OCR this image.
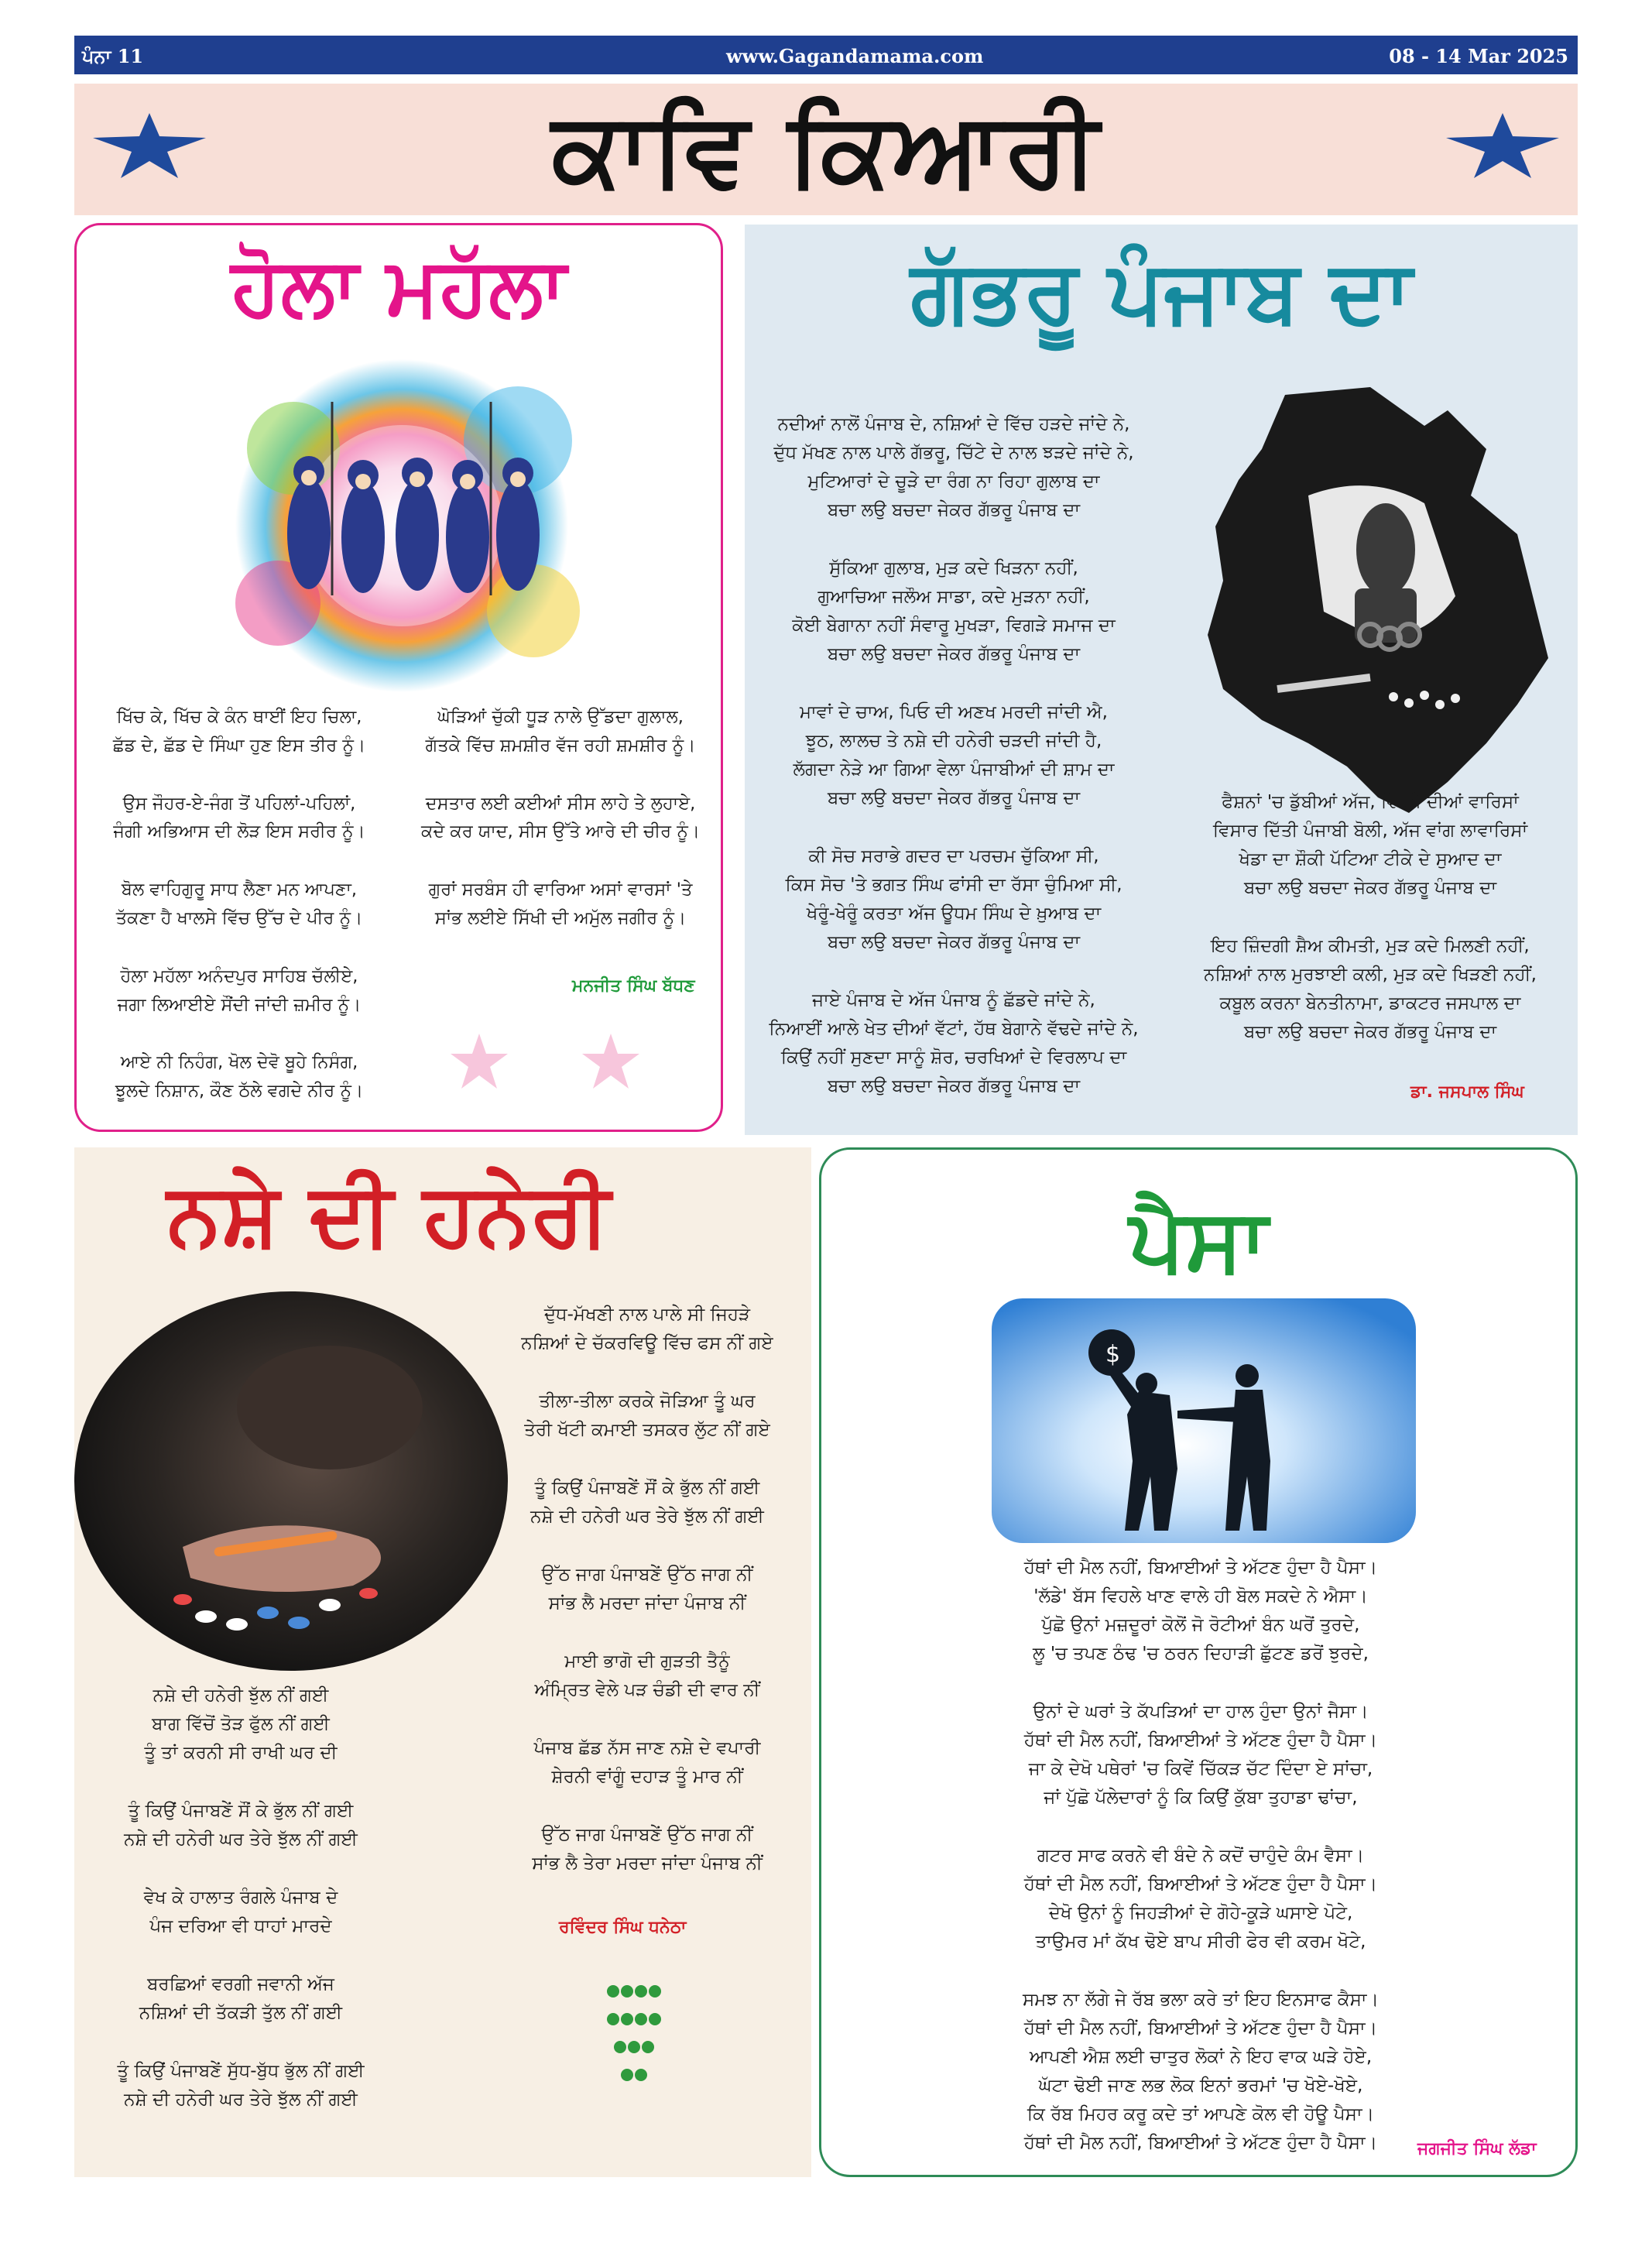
ਪੰਨਾ 11	www.Gagandamama.com	08 - 14 Mar 2025
ਕਾਵਿ ਕਿਆਰੀ
ਹੋਲਾ ਮਹੱਲਾ
ਖਿੱਚ ਕੇ, ਖਿੱਚ ਕੇ ਕੰਨ ਥਾਈਂ ਇਹ ਚਿਲਾ,
ਛੱਡ ਦੇ, ਛੱਡ ਦੇ ਸਿੰਘਾ ਹੁਣ ਇਸ ਤੀਰ ਨੂੰ।
ਉਸ ਜੌਹਰ-ਏ-ਜੰਗ ਤੋਂ ਪਹਿਲਾਂ-ਪਹਿਲਾਂ,
ਜੰਗੀ ਅਭਿਆਸ ਦੀ ਲੋੜ ਇਸ ਸਰੀਰ ਨੂੰ।
ਬੋਲ ਵਾਹਿਗੁਰੂ ਸਾਧ ਲੈਣਾ ਮਨ ਆਪਣਾ,
ਤੱਕਣਾ ਹੈ ਖਾਲਸੇ ਵਿੱਚ ਉੱਚ ਦੇ ਪੀਰ ਨੂੰ।
ਹੋਲਾ ਮਹੱਲਾ ਅਨੰਦਪੁਰ ਸਾਹਿਬ ਚੱਲੀਏ,
ਜਗਾ ਲਿਆਈਏ ਸੌਂਦੀ ਜਾਂਦੀ ਜ਼ਮੀਰ ਨੂੰ।
ਆਏ ਨੀ ਨਿਹੰਗ, ਖੋਲ ਦੇਵੋ ਬੂਹੇ ਨਿਸੰਗ,
ਝੂਲਦੇ ਨਿਸ਼ਾਨ, ਕੌਣ ਠੱਲੇ ਵਗਦੇ ਨੀਰ ਨੂੰ।
ਘੋੜਿਆਂ ਚੁੱਕੀ ਧੂੜ ਨਾਲੇ ਉੱਡਦਾ ਗੁਲਾਲ,
ਗੱਤਕੇ ਵਿੱਚ ਸ਼ਮਸ਼ੀਰ ਵੱਜ ਰਹੀ ਸ਼ਮਸ਼ੀਰ ਨੂੰ।
ਦਸਤਾਰ ਲਈ ਕਈਆਂ ਸੀਸ ਲਾਹੇ ਤੇ ਲੁਹਾਏ,
ਕਦੇ ਕਰ ਯਾਦ, ਸੀਸ ਉੱਤੇ ਆਰੇ ਦੀ ਚੀਰ ਨੂੰ।
ਗੁਰਾਂ ਸਰਬੰਸ ਹੀ ਵਾਰਿਆ ਅਸਾਂ ਵਾਰਸਾਂ 'ਤੇ
ਸਾਂਭ ਲਈਏ ਸਿੱਖੀ ਦੀ ਅਮੁੱਲ ਜਗੀਰ ਨੂੰ।
ਮਨਜੀਤ ਸਿੰਘ ਬੱਧਣ
ਗੱਭਰੂ ਪੰਜਾਬ ਦਾ
ਨਦੀਆਂ ਨਾਲੋਂ ਪੰਜਾਬ ਦੇ, ਨਸ਼ਿਆਂ ਦੇ ਵਿੱਚ ਹੜਦੇ ਜਾਂਦੇ ਨੇ,
ਦੁੱਧ ਮੱਖਣ ਨਾਲ ਪਾਲੇ ਗੱਭਰੂ, ਚਿੱਟੇ ਦੇ ਨਾਲ ਝੜਦੇ ਜਾਂਦੇ ਨੇ,
ਮੁਟਿਆਰਾਂ ਦੇ ਚੂੜੇ ਦਾ ਰੰਗ ਨਾ ਰਿਹਾ ਗੁਲਾਬ ਦਾ
ਬਚਾ ਲਉ ਬਚਦਾ ਜੇਕਰ ਗੱਭਰੂ ਪੰਜਾਬ ਦਾ
ਸੁੱਕਿਆ ਗੁਲਾਬ, ਮੁੜ ਕਦੇ ਖਿੜਨਾ ਨਹੀਂ,
ਗੁਆਚਿਆ ਜਲੌਅ ਸਾਡਾ, ਕਦੇ ਮੁੜਨਾ ਨਹੀਂ,
ਕੋਈ ਬੇਗਾਨਾ ਨਹੀਂ ਸੰਵਾਰੂ ਮੁਖੜਾ, ਵਿਗੜੇ ਸਮਾਜ ਦਾ
ਬਚਾ ਲਉ ਬਚਦਾ ਜੇਕਰ ਗੱਭਰੂ ਪੰਜਾਬ ਦਾ
ਮਾਵਾਂ ਦੇ ਚਾਅ, ਪਿਓ ਦੀ ਅਣਖ ਮਰਦੀ ਜਾਂਦੀ ਐ,
ਝੂਠ, ਲਾਲਚ ਤੇ ਨਸ਼ੇ ਦੀ ਹਨੇਰੀ ਚੜਦੀ ਜਾਂਦੀ ਹੈ,
ਲੱਗਦਾ ਨੇੜੇ ਆ ਗਿਆ ਵੇਲਾ ਪੰਜਾਬੀਆਂ ਦੀ ਸ਼ਾਮ ਦਾ
ਬਚਾ ਲਉ ਬਚਦਾ ਜੇਕਰ ਗੱਭਰੂ ਪੰਜਾਬ ਦਾ
ਕੀ ਸੋਚ ਸਰਾਭੇ ਗਦਰ ਦਾ ਪਰਚਮ ਚੁੱਕਿਆ ਸੀ,
ਕਿਸ ਸੋਚ 'ਤੇ ਭਗਤ ਸਿੰਘ ਫਾਂਸੀ ਦਾ ਰੱਸਾ ਚੁੰਮਿਆ ਸੀ,
ਖੇਰੂੰ-ਖੇਰੂੰ ਕਰਤਾ ਅੱਜ ਊਧਮ ਸਿੰਘ ਦੇ ਖ਼ੁਆਬ ਦਾ
ਬਚਾ ਲਉ ਬਚਦਾ ਜੇਕਰ ਗੱਭਰੂ ਪੰਜਾਬ ਦਾ
ਜਾਏ ਪੰਜਾਬ ਦੇ ਅੱਜ ਪੰਜਾਬ ਨੂੰ ਛੱਡਦੇ ਜਾਂਦੇ ਨੇ,
ਨਿਆਈਂ ਆਲੇ ਖੇਤ ਦੀਆਂ ਵੱਟਾਂ, ਹੱਥ ਬੇਗਾਨੇ ਵੱਢਦੇ ਜਾਂਦੇ ਨੇ,
ਕਿਉਂ ਨਹੀਂ ਸੁਣਦਾ ਸਾਨੂੰ ਸ਼ੋਰ, ਚਰਖਿਆਂ ਦੇ ਵਿਰਲਾਪ ਦਾ
ਬਚਾ ਲਉ ਬਚਦਾ ਜੇਕਰ ਗੱਭਰੂ ਪੰਜਾਬ ਦਾ
ਫੈਸ਼ਨਾਂ 'ਚ ਡੁੱਬੀਆਂ ਅੱਜ, ਵਿਰਸੇ ਦੀਆਂ ਵਾਰਿਸਾਂ
ਵਿਸਾਰ ਦਿੱਤੀ ਪੰਜਾਬੀ ਬੋਲੀ, ਅੱਜ ਵਾਂਗ ਲਾਵਾਰਿਸਾਂ
ਖੇਡਾ ਦਾ ਸ਼ੌਕੀ ਪੱਟਿਆ ਟੀਕੇ ਦੇ ਸੁਆਦ ਦਾ
ਬਚਾ ਲਉ ਬਚਦਾ ਜੇਕਰ ਗੱਭਰੂ ਪੰਜਾਬ ਦਾ
ਇਹ ਜ਼ਿੰਦਗੀ ਸ਼ੈਅ ਕੀਮਤੀ, ਮੁੜ ਕਦੇ ਮਿਲਣੀ ਨਹੀਂ,
ਨਸ਼ਿਆਂ ਨਾਲ ਮੁਰਝਾਈ ਕਲੀ, ਮੁੜ ਕਦੇ ਖਿੜਣੀ ਨਹੀਂ,
ਕਬੂਲ ਕਰਨਾ ਬੇਨਤੀਨਾਮਾ, ਡਾਕਟਰ ਜਸਪਾਲ ਦਾ
ਬਚਾ ਲਉ ਬਚਦਾ ਜੇਕਰ ਗੱਭਰੂ ਪੰਜਾਬ ਦਾ
ਡਾ. ਜਸਪਾਲ ਸਿੰਘ
ਨਸ਼ੇ ਦੀ ਹਨੇਰੀ
ਨਸ਼ੇ ਦੀ ਹਨੇਰੀ ਝੁੱਲ ਨੀਂ ਗਈ
ਬਾਗ ਵਿੱਚੋਂ ਤੋੜ ਫੁੱਲ ਨੀਂ ਗਈ
ਤੂੰ ਤਾਂ ਕਰਨੀ ਸੀ ਰਾਖੀ ਘਰ ਦੀ
ਤੂੰ ਕਿਉਂ ਪੰਜਾਬਣੇਂ ਸੌਂ ਕੇ ਭੁੱਲ ਨੀਂ ਗਈ
ਨਸ਼ੇ ਦੀ ਹਨੇਰੀ ਘਰ ਤੇਰੇ ਝੁੱਲ ਨੀਂ ਗਈ
ਵੇਖ ਕੇ ਹਾਲਾਤ ਰੰਗਲੇ ਪੰਜਾਬ ਦੇ
ਪੰਜ ਦਰਿਆ ਵੀ ਧਾਹਾਂ ਮਾਰਦੇ
ਬਰਛਿਆਂ ਵਰਗੀ ਜਵਾਨੀ ਅੱਜ
ਨਸ਼ਿਆਂ ਦੀ ਤੱਕੜੀ ਤੁੱਲ ਨੀਂ ਗਈ
ਤੂੰ ਕਿਉਂ ਪੰਜਾਬਣੇਂ ਸੁੱਧ-ਬੁੱਧ ਭੁੱਲ ਨੀਂ ਗਈ
ਨਸ਼ੇ ਦੀ ਹਨੇਰੀ ਘਰ ਤੇਰੇ ਝੁੱਲ ਨੀਂ ਗਈ
ਦੁੱਧ-ਮੱਖਣੀ ਨਾਲ ਪਾਲੇ ਸੀ ਜਿਹੜੇ
ਨਸ਼ਿਆਂ ਦੇ ਚੱਕਰਵਿਊ ਵਿੱਚ ਫਸ ਨੀਂ ਗਏ
ਤੀਲਾ-ਤੀਲਾ ਕਰਕੇ ਜੋੜਿਆ ਤੂੰ ਘਰ
ਤੇਰੀ ਖੱਟੀ ਕਮਾਈ ਤਸਕਰ ਲੁੱਟ ਨੀਂ ਗਏ
ਤੂੰ ਕਿਉਂ ਪੰਜਾਬਣੇਂ ਸੌਂ ਕੇ ਭੁੱਲ ਨੀਂ ਗਈ
ਨਸ਼ੇ ਦੀ ਹਨੇਰੀ ਘਰ ਤੇਰੇ ਝੁੱਲ ਨੀਂ ਗਈ
ਉੱਠ ਜਾਗ ਪੰਜਾਬਣੇਂ ਉੱਠ ਜਾਗ ਨੀਂ
ਸਾਂਭ ਲੈ ਮਰਦਾ ਜਾਂਦਾ ਪੰਜਾਬ ਨੀਂ
ਮਾਈ ਭਾਗੋ ਦੀ ਗੁੜਤੀ ਤੈਨੂੰ
ਅੰਮ੍ਰਿਤ ਵੇਲੇ ਪੜ ਚੰਡੀ ਦੀ ਵਾਰ ਨੀਂ
ਪੰਜਾਬ ਛੱਡ ਨੱਸ ਜਾਣ ਨਸ਼ੇ ਦੇ ਵਪਾਰੀ
ਸ਼ੇਰਨੀ ਵਾਂਗੂੰ ਦਹਾੜ ਤੂੰ ਮਾਰ ਨੀਂ
ਉੱਠ ਜਾਗ ਪੰਜਾਬਣੇਂ ਉੱਠ ਜਾਗ ਨੀਂ
ਸਾਂਭ ਲੈ ਤੇਰਾ ਮਰਦਾ ਜਾਂਦਾ ਪੰਜਾਬ ਨੀਂ
ਰਵਿੰਦਰ ਸਿੰਘ ਧਨੇਠਾ
ਪੈਸਾ
$
ਹੱਥਾਂ ਦੀ ਮੈਲ ਨਹੀਂ, ਬਿਆਈਆਂ ਤੇ ਅੱਟਣ ਹੁੰਦਾ ਹੈ ਪੈਸਾ।
'ਲੱਡੇ' ਬੱਸ ਵਿਹਲੇ ਖਾਣ ਵਾਲੇ ਹੀ ਬੋਲ ਸਕਦੇ ਨੇ ਐਸਾ।
ਪੁੱਛੋ ਉਨਾਂ ਮਜ਼ਦੂਰਾਂ ਕੋਲੋਂ ਜੋ ਰੋਟੀਆਂ ਬੰਨ ਘਰੋਂ ਤੁਰਦੇ,
ਲੂ 'ਚ ਤਪਣ ਠੰਢ 'ਚ ਠਰਨ ਦਿਹਾੜੀ ਛੁੱਟਣ ਡਰੋਂ ਝੁਰਦੇ,
ਉਨਾਂ ਦੇ ਘਰਾਂ ਤੇ ਕੱਪੜਿਆਂ ਦਾ ਹਾਲ ਹੁੰਦਾ ਉਨਾਂ ਜੈਸਾ।
ਹੱਥਾਂ ਦੀ ਮੈਲ ਨਹੀਂ, ਬਿਆਈਆਂ ਤੇ ਅੱਟਣ ਹੁੰਦਾ ਹੈ ਪੈਸਾ।
ਜਾ ਕੇ ਦੇਖੋ ਪਥੇਰਾਂ 'ਚ ਕਿਵੇਂ ਚਿੱਕੜ ਚੱਟ ਦਿੰਦਾ ਏ ਸਾਂਚਾ,
ਜਾਂ ਪੁੱਛੋ ਪੱਲੇਦਾਰਾਂ ਨੂੰ ਕਿ ਕਿਉਂ ਕੁੱਬਾ ਤੁਹਾਡਾ ਢਾਂਚਾ,
ਗਟਰ ਸਾਫ ਕਰਨੇ ਵੀ ਬੰਦੇ ਨੇ ਕਦੋਂ ਚਾਹੁੰਦੇ ਕੰਮ ਵੈਸਾ।
ਹੱਥਾਂ ਦੀ ਮੈਲ ਨਹੀਂ, ਬਿਆਈਆਂ ਤੇ ਅੱਟਣ ਹੁੰਦਾ ਹੈ ਪੈਸਾ।
ਦੇਖੋ ਉਨਾਂ ਨੂੰ ਜਿਹੜੀਆਂ ਦੇ ਗੋਹੇ-ਕੂੜੇ ਘਸਾਏ ਪੋਟੇ,
ਤਾਉਮਰ ਮਾਂ ਕੱਖ ਢੋਏ ਬਾਪ ਸੀਰੀ ਫੇਰ ਵੀ ਕਰਮ ਖੋਟੇ,
ਸਮਝ ਨਾ ਲੱਗੇ ਜੇ ਰੱਬ ਭਲਾ ਕਰੇ ਤਾਂ ਇਹ ਇਨਸਾਫ ਕੈਸਾ।
ਹੱਥਾਂ ਦੀ ਮੈਲ ਨਹੀਂ, ਬਿਆਈਆਂ ਤੇ ਅੱਟਣ ਹੁੰਦਾ ਹੈ ਪੈਸਾ।
ਆਪਣੀ ਐਸ਼ ਲਈ ਚਾਤੁਰ ਲੋਕਾਂ ਨੇ ਇਹ ਵਾਕ ਘੜੇ ਹੋਏ,
ਘੱਟਾ ਢੋਈ ਜਾਣ ਲਭ ਲੋਕ ਇਨਾਂ ਭਰਮਾਂ 'ਚ ਖੋਏ-ਖੋਏ,
ਕਿ ਰੱਬ ਮਿਹਰ ਕਰੂ ਕਦੇ ਤਾਂ ਆਪਣੇ ਕੋਲ ਵੀ ਹੋਊ ਪੈਸਾ।
ਹੱਥਾਂ ਦੀ ਮੈਲ ਨਹੀਂ, ਬਿਆਈਆਂ ਤੇ ਅੱਟਣ ਹੁੰਦਾ ਹੈ ਪੈਸਾ।	ਜਗਜੀਤ ਸਿੰਘ ਲੱਡਾ
